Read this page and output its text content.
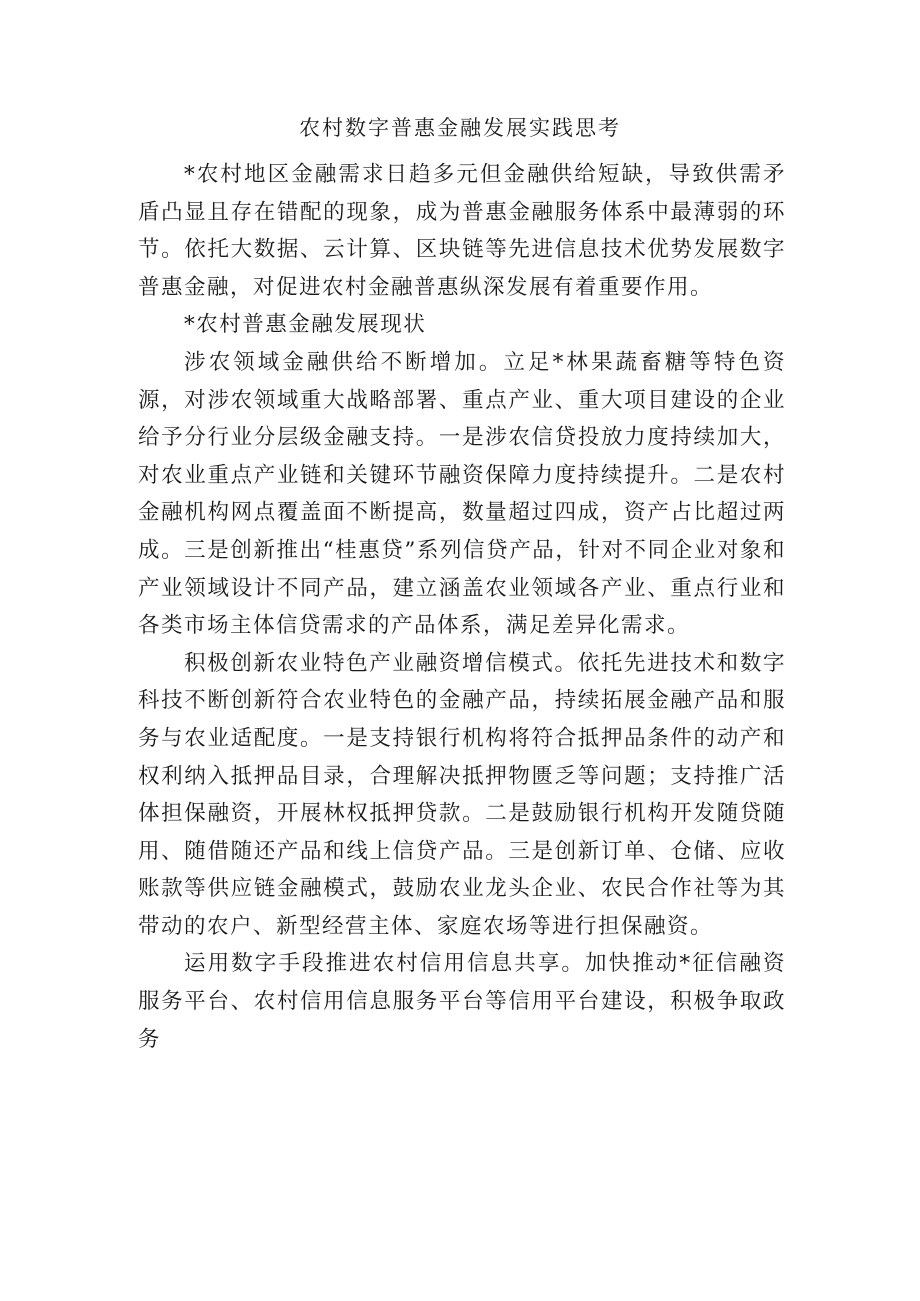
农村数字普惠金融发展实践思考

*农村地区金融需求日趋多元但金融供给短缺，导致供需矛盾凸显且存在错配的现象，成为普惠金融服务体系中最薄弱的环节。依托大数据、云计算、区块链等先进信息技术优势发展数字普惠金融，对促进农村金融普惠纵深发展有着重要作用。

*农村普惠金融发展现状

涉农领域金融供给不断增加。立足*林果蔬畜糖等特色资源，对涉农领域重大战略部署、重点产业、重大项目建设的企业给予分行业分层级金融支持。一是涉农信贷投放力度持续加大，对农业重点产业链和关键环节融资保障力度持续提升。二是农村金融机构网点覆盖面不断提高，数量超过四成，资产占比超过两成。三是创新推出“桂惠贷”系列信贷产品，针对不同企业对象和产业领域设计不同产品，建立涵盖农业领域各产业、重点行业和各类市场主体信贷需求的产品体系，满足差异化需求。

积极创新农业特色产业融资增信模式。依托先进技术和数字科技不断创新符合农业特色的金融产品，持续拓展金融产品和服务与农业适配度。一是支持银行机构将符合抵押品条件的动产和权利纳入抵押品目录，合理解决抵押物匮乏等问题；支持推广活体担保融资，开展林权抵押贷款。二是鼓励银行机构开发随贷随用、随借随还产品和线上信贷产品。三是创新订单、仓储、应收账款等供应链金融模式，鼓励农业龙头企业、农民合作社等为其带动的农户、新型经营主体、家庭农场等进行担保融资。

运用数字手段推进农村信用信息共享。加快推动*征信融资服务平台、农村信用信息服务平台等信用平台建设，积极争取政务
